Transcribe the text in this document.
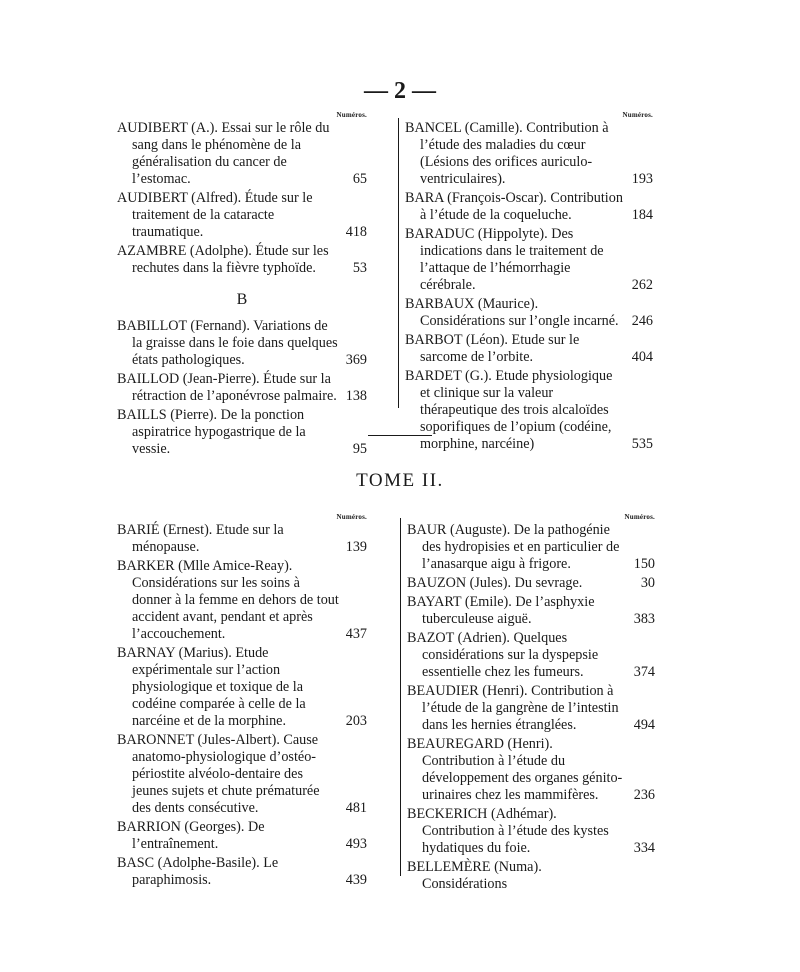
— 2 —
Numéros.
AUDIBERT (A.). Essai sur le rôle du sang dans le phénomène de la généralisation du cancer de l’estomac.	65
AUDIBERT (Alfred). Étude sur le traitement de la cataracte traumatique.	418
AZAMBRE (Adolphe). Étude sur les rechutes dans la fièvre typhoïde.	53
B
BABILLOT (Fernand). Variations de la graisse dans le foie dans quelques états pathologiques.	369
BAILLOD (Jean-Pierre). Étude sur la rétraction de l’aponévrose palmaire. 138
BAILLS (Pierre). De la ponction aspiratrice hypogastrique de la vessie.	95
Numéros.
BANCEL (Camille). Contribution à l’étude des maladies du cœur (Lésions des orifices auriculo-ventriculaires).	193
BARA (François-Oscar). Contribution à l’étude de la coqueluche.	184
BARADUC (Hippolyte). Des indications dans le traitement de l’attaque de l’hémorrhagie cérébrale.	262
BARBAUX (Maurice). Considérations sur l’ongle incarné. 246
BARBOT (Léon). Etude sur le sarcome de l’orbite.	404
BARDET (G.). Etude physiologique et clinique sur la valeur thérapeutique des trois alcaloïdes soporifiques de l’opium (codéine, morphine, narcéine)	535
TOME II.
Numéros.
BARIÉ (Ernest). Etude sur la ménopause.	139
BARKER (Mlle Amice-Reay). Considérations sur les soins à donner à la femme en dehors de tout accident avant, pendant et après l’accouchement.	437
BARNAY (Marius). Etude expérimentale sur l’action physiologique et toxique de la codéine comparée à celle de la narcéine et de la morphine.	203
BARONNET (Jules-Albert). Cause anatomo-physiologique d’ostéo-périostite alvéolo-dentaire des jeunes sujets et chute prématurée des dents consécutive.	481
BARRION (Georges). De l’entraînement.	493
BASC (Adolphe-Basile). Le paraphimosis.	439
Numéros.
BAUR (Auguste). De la pathogénie des hydropisies et en particulier de l’anasarque aigu à frigore.	150
BAUZON (Jules). Du sevrage.	30
BAYART (Emile). De l’asphyxie tuberculeuse aiguë.	383
BAZOT (Adrien). Quelques considérations sur la dyspepsie essentielle chez les fumeurs.	374
BEAUDIER (Henri). Contribution à l’étude de la gangrène de l’intestin dans les hernies étranglées.	494
BEAUREGARD (Henri). Contribution à l’étude du développement des organes génito-urinaires chez les mammifères. 236
BECKERICH (Adhémar). Contribution à l’étude des kystes hydatiques du foie.	334
BELLEMÈRE (Numa). Considérations
